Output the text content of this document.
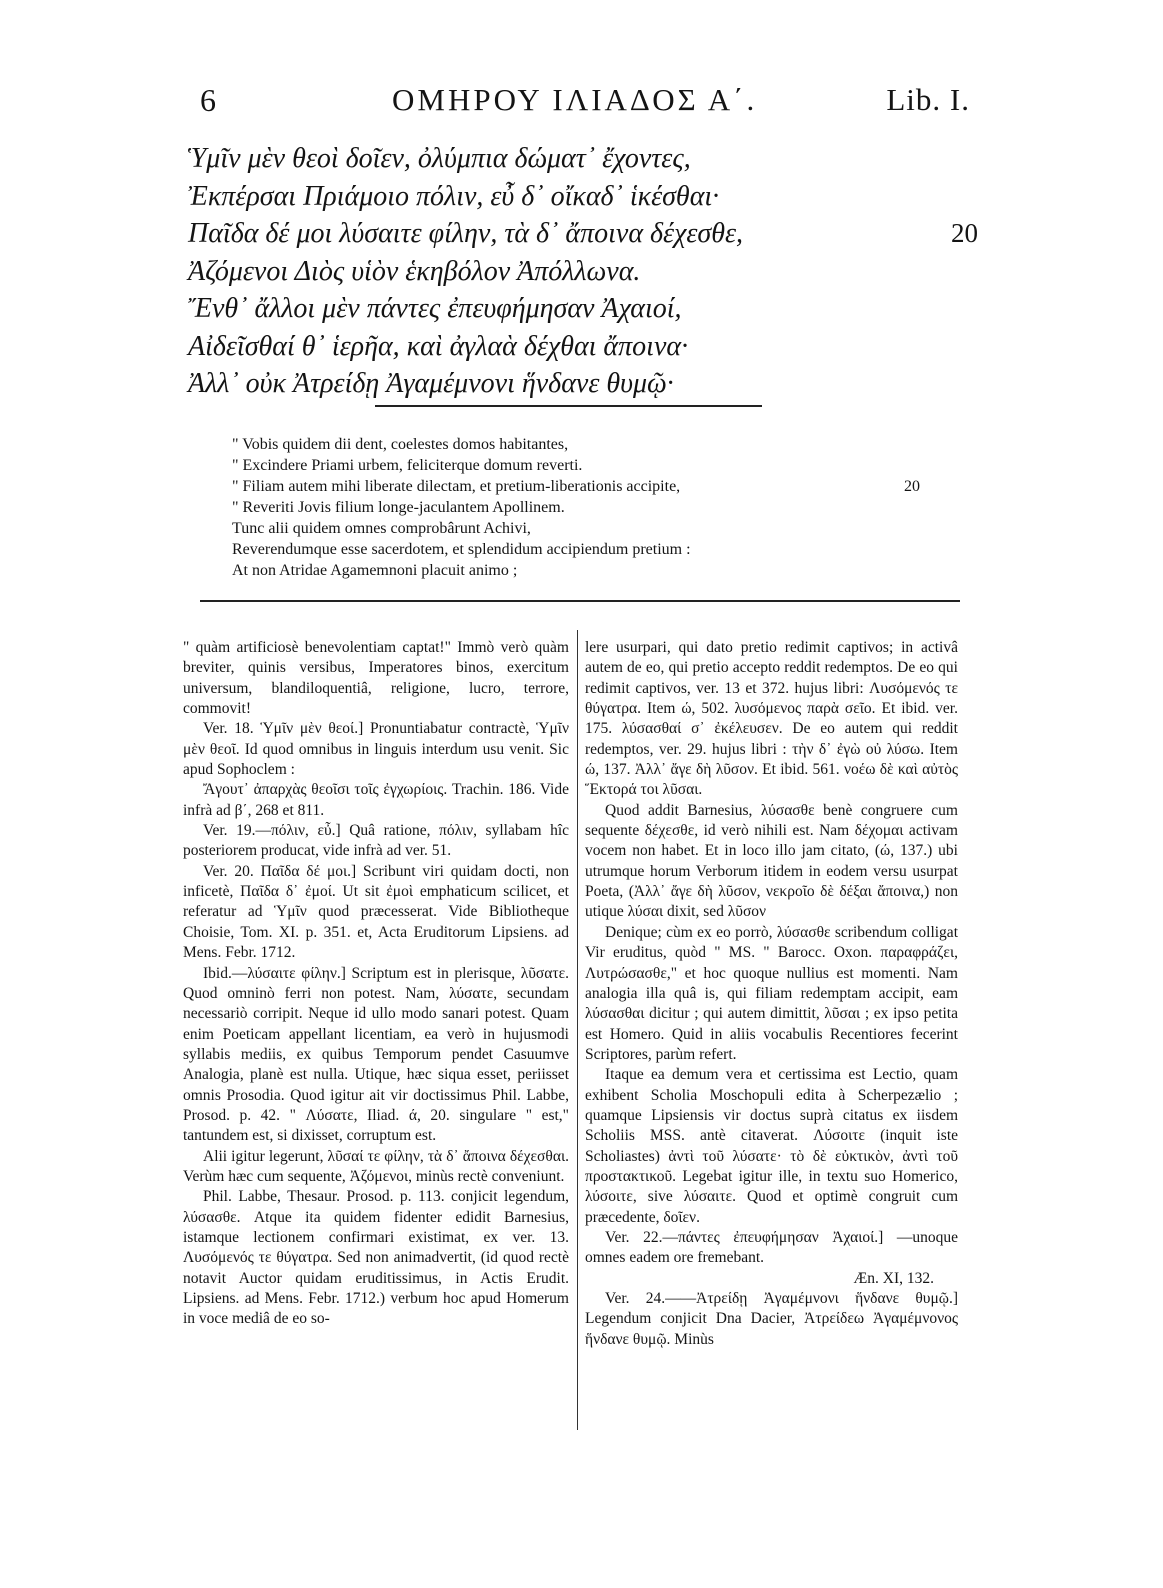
6	ΟΜΗΡΟΥ ΙΛΙΑΔΟΣ Α΄.	Lib. I.
Ὑμῖν μὲν θεοὶ δοῖεν, ὀλύμπια δώματ᾽ ἔχοντες,
Ἐκπέρσαι Πριάμοιο πόλιν, εὖ δ᾽ οἴκαδ᾽ ἱκέσθαι·
Παῖδα δέ μοι λύσαιτε φίλην, τὰ δ᾽ ἄποινα δέχεσθε,	20
Ἀζόμενοι Διὸς υἱὸν ἑκηβόλον Ἀπόλλωνα.
Ἔνθ᾽ ἄλλοι μὲν πάντες ἐπευφήμησαν Ἀχαιοί,
Αἰδεῖσθαί θ᾽ ἱερῆα, καὶ ἀγλαὰ δέχθαι ἄποινα·
Ἀλλ᾽ οὐκ Ἀτρείδῃ Ἀγαμέμνονι ἥνδανε θυμῷ·
" Vobis quidem dii dent, coelestes domos habitantes,
" Excindere Priami urbem, feliciterque domum reverti.
" Filiam autem mihi liberate dilectam, et pretium-liberationis accipite,	20
" Reveriti Jovis filium longe-jaculantem Apollinem.
Tunc alii quidem omnes comprobârunt Achivi,
Reverendumque esse sacerdotem, et splendidum accipiendum pretium :
At non Atridae Agamemnoni placuit animo ;

" quàm artificiosè benevolentiam captat!" Immò verò quàm breviter, quinis versibus, Imperatores binos, exercitum universum, blandiloquentiâ, religione, lucro, terrore, commovit!

Ver. 18. Ὑμῖν μὲν θεοί.] Pronuntiabatur contractè, Ὑμῖν μὲν θεοῖ. Id quod omnibus in linguis interdum usu venit. Sic apud Sophoclem :

Ἄγουτ᾽ ἀπαρχὰς θεοῖσι τοῖς ἐγχωρίοις. Trachin. 186. Vide infrà ad β΄, 268 et 811.

Ver. 19.—πόλιν, εὖ.] Quâ ratione, πόλιν, syllabam hîc posteriorem producat, vide infrà ad ver. 51.

Ver. 20. Παῖδα δέ μοι.] Scribunt viri quidam docti, non inficetè, Παῖδα δ᾽ ἐμοί. Ut sit ἐμοὶ emphaticum scilicet, et referatur ad Ὑμῖν quod præcesserat. Vide Bibliotheque Choisie, Tom. XI. p. 351. et, Acta Eruditorum Lipsiens. ad Mens. Febr. 1712.

Ibid.—λύσαιτε φίλην.] Scriptum est in plerisque, λῦσατε. Quod omninò ferri non potest. Nam, λύσατε, secundam necessariò corripit. Neque id ullo modo sanari potest. Quam enim Poeticam appellant licentiam, ea verò in hujusmodi syllabis mediis, ex quibus Temporum pendet Casuumve Analogia, planè est nulla. Utique, hæc siqua esset, periisset omnis Prosodia. Quod igitur ait vir doctissimus Phil. Labbe, Prosod. p. 42. " Λύσατε, Iliad. ά, 20. singulare " est," tantundem est, si dixisset, corruptum est.

Alii igitur legerunt, λῦσαί τε φίλην, τὰ δ᾽ ἄποινα δέχεσθαι. Verùm hæc cum sequente, Ἀζόμενοι, minùs rectè conveniunt.

Phil. Labbe, Thesaur. Prosod. p. 113. conjicit legendum, λύσασθε. Atque ita quidem fidenter edidit Barnesius, istamque lectionem confirmari existimat, ex ver. 13. Λυσόμενός τε θύγατρα. Sed non animadvertit, (id quod rectè notavit Auctor quidam eruditissimus, in Actis Erudit. Lipsiens. ad Mens. Febr. 1712.) verbum hoc apud Homerum in voce mediâ de eo so-

lere usurpari, qui dato pretio redimit captivos; in activâ autem de eo, qui pretio accepto reddit redemptos. De eo qui redimit captivos, ver. 13 et 372. hujus libri: Λυσόμενός τε θύγατρα. Item ώ, 502. λυσόμενος παρὰ σεῖο. Et ibid. ver. 175. λύσασθαί σ᾽ ἐκέλευσεν. De eo autem qui reddit redemptos, ver. 29. hujus libri : τὴν δ᾽ ἐγὼ οὐ λύσω. Item ώ, 137. Ἀλλ᾽ ἄγε δὴ λῦσον. Et ibid. 561. νοέω δὲ καὶ αὐτὸς Ἕκτορά τοι λῦσαι.

Quod addit Barnesius, λύσασθε benè congruere cum sequente δέχεσθε, id verò nihili est. Nam δέχομαι activam vocem non habet. Et in loco illo jam citato, (ώ, 137.) ubi utrumque horum Verborum itidem in eodem versu usurpat Poeta, (Ἀλλ᾽ ἄγε δὴ λῦσον, νεκροῖο δὲ δέξαι ἄποινα,) non utique λύσαι dixit, sed λῦσον

Denique; cùm ex eo porrò, λύσασθε scribendum colligat Vir eruditus, quòd " MS. " Barocc. Oxon. παραφράζει, Λυτρώσασθε," et hoc quoque nullius est momenti. Nam analogia illa quâ is, qui filiam redemptam accipit, eam λύσασθαι dicitur ; qui autem dimittit, λῦσαι ; ex ipso petita est Homero. Quid in aliis vocabulis Recentiores fecerint Scriptores, parùm refert.

Itaque ea demum vera et certissima est Lectio, quam exhibent Scholia Moschopuli edita à Scherpezælio ; quamque Lipsiensis vir doctus suprà citatus ex iisdem Scholiis MSS. antè citaverat. Λύσοιτε (inquit iste Scholiastes) ἀντὶ τοῦ λύσατε· τὸ δὲ εὐκτικὸν, ἀντὶ τοῦ προστακτικοῦ. Legebat igitur ille, in textu suo Homerico, λύσοιτε, sive λύσαιτε. Quod et optimè congruit cum præcedente, δοῖεν.

Ver. 22.—πάντες ἐπευφήμησαν Ἀχαιοί.] —unoque omnes eadem ore fremebant.

Æn. XI, 132.

Ver. 24.——Ἀτρείδῃ Ἀγαμέμνονι ἥνδανε θυμῷ.] Legendum conjicit Dna Dacier, Ἀτρείδεω Ἀγαμέμνονος ἥνδανε θυμῷ. Minùs
